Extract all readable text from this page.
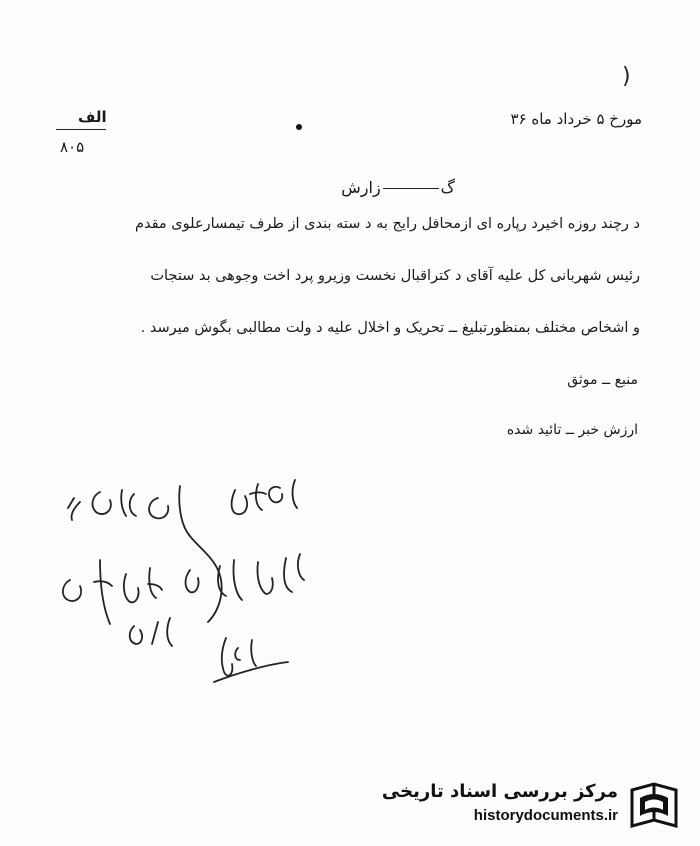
)
مورخ ۵ خرداد ماه ۳۶
الف
۸۰۵
گزارش
د رچند روزه اخیرد رپاره ای ازمحافل رایج به د سته بندی از طرف تیمسارعلوی مقدم
رئیس شهربانی کل علیه آقای د کتراقبال نخست وزیرو پرد اخت وجوهی بد ستجات
و اشخاص مختلف بمنظورتبلیغ ــ تحریک و اخلال علیه د ولت مطالبی بگوش میرسد .
منبع ــ موثق
ارزش خبر ــ تائید شده
مرکز بررسی اسناد تاریخی
historydocuments.ir
